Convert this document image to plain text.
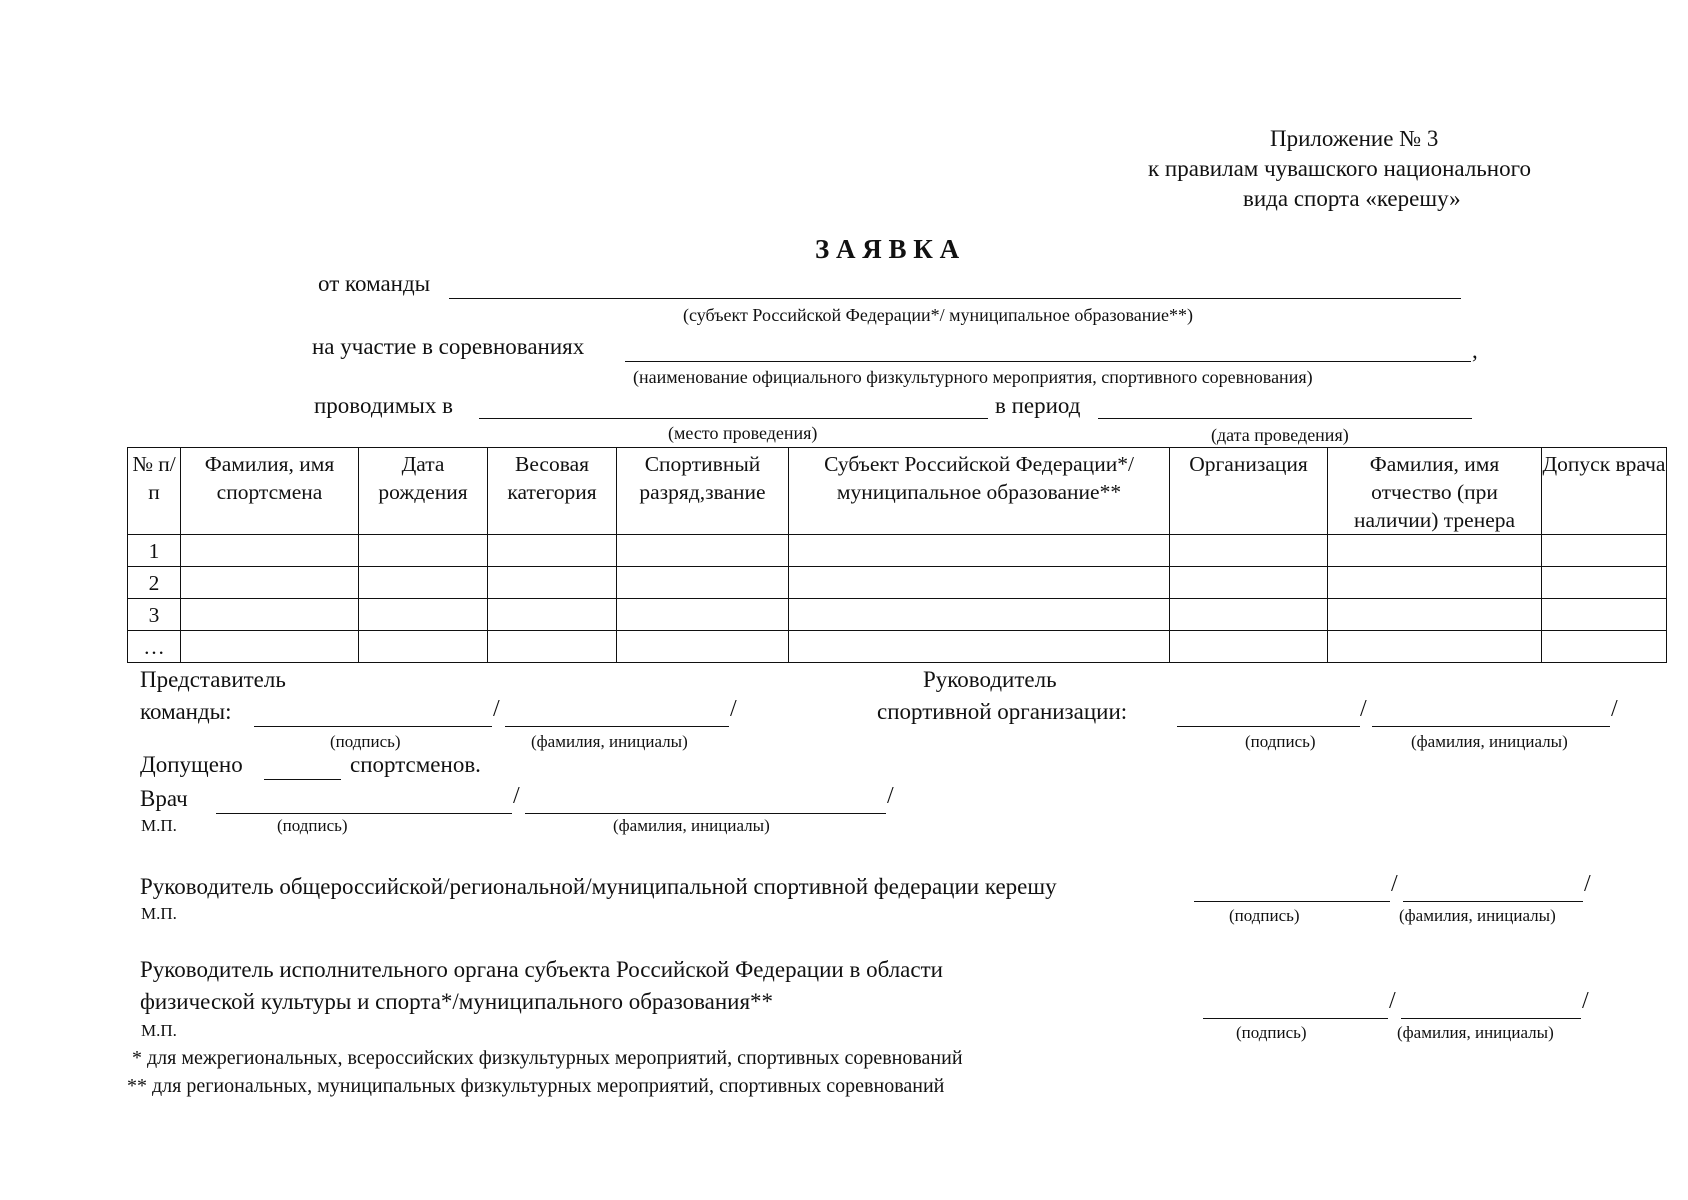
Приложение № 3
к правилам чувашского национального
вида спорта «керешу»
З А Я В К А
от команды
(субъект Российской Федерации*/ муниципальное образование**)
на участие в соревнованиях	,
(наименование официального физкультурного мероприятия, спортивного соревнования)
проводимых в	в период
(место проведения)	(дата проведения)
№ п/п	Фамилия, имя спортсмена	Дата рождения	Весовая категория	Спортивный разряд,звание	Субъект Российской Федерации*/ муниципальное образование**	Организация	Фамилия, имя отчество (при наличии) тренера	Допуск врача
1								
2								
3								
…								
Представитель
команды:	/	/
(подпись)	(фамилия, инициалы)
Руководитель
спортивной организации:	/	/
(подпись)	(фамилия, инициалы)
Допущено	спортсменов.
Врач	/	/
М.П.	(подпись)	(фамилия, инициалы)
Руководитель общероссийской/региональной/муниципальной спортивной федерации керешу	/	/
М.П.	(подпись)	(фамилия, инициалы)
Руководитель исполнительного органа субъекта Российской Федерации в области
физической культуры и спорта*/муниципального образования**	/	/
М.П.	(подпись)	(фамилия, инициалы)
* для межрегиональных, всероссийских физкультурных мероприятий, спортивных соревнований
** для региональных, муниципальных физкультурных мероприятий, спортивных соревнований
